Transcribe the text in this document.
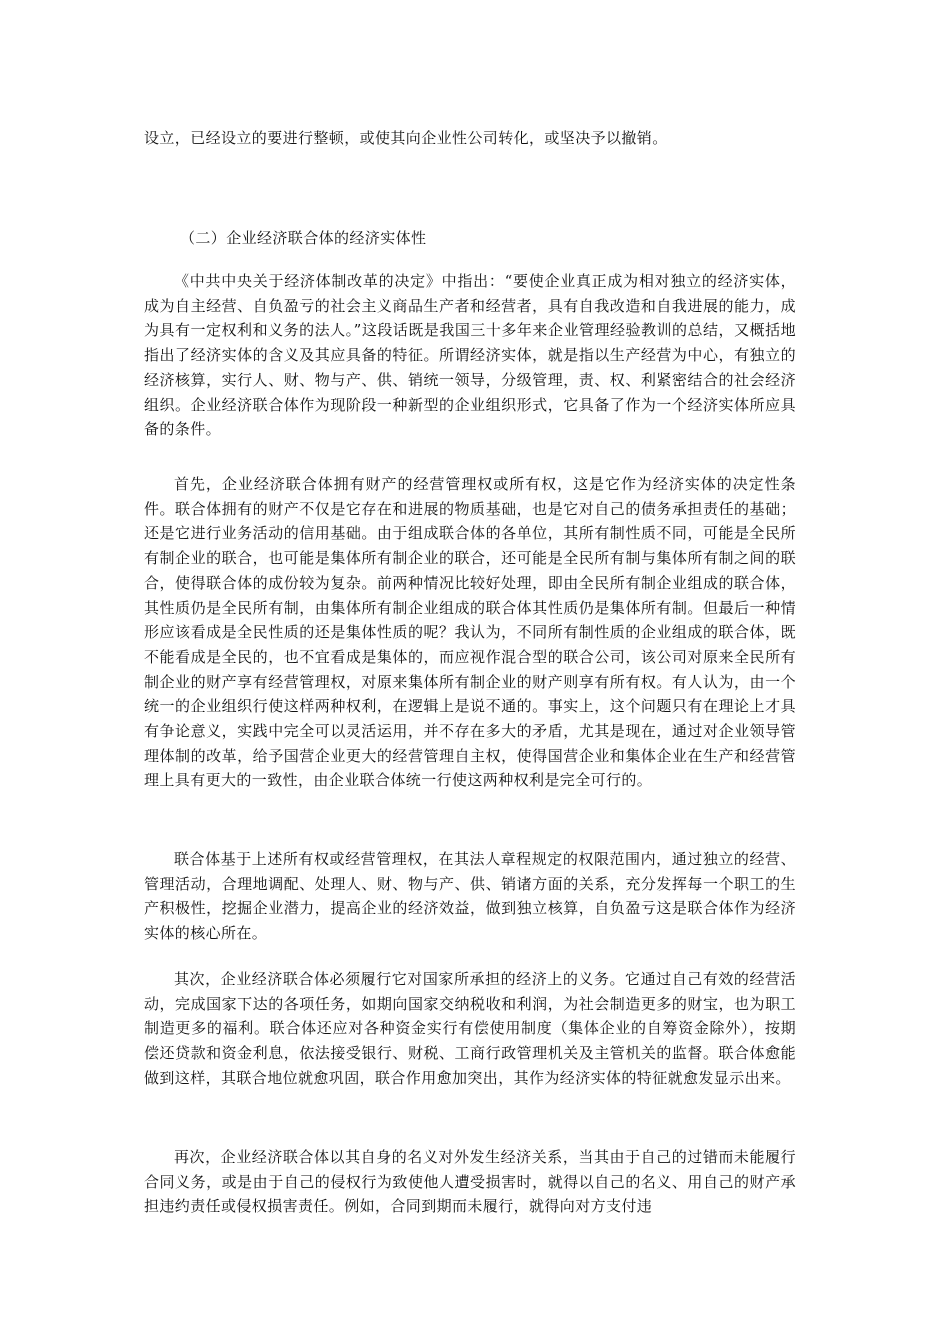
设立，已经设立的要进行整顿，或使其向企业性公司转化，或坚决予以撤销。
（二）企业经济联合体的经济实体性

《中共中央关于经济体制改革的决定》中指出：“要使企业真正成为相对独立的经济实体，成为自主经营、自负盈亏的社会主义商品生产者和经营者，具有自我改造和自我进展的能力，成为具有一定权利和义务的法人。”这段话既是我国三十多年来企业管理经验教训的总结，又概括地指出了经济实体的含义及其应具备的特征。所谓经济实体，就是指以生产经营为中心，有独立的经济核算，实行人、财、物与产、供、销统一领导，分级管理，责、权、利紧密结合的社会经济组织。企业经济联合体作为现阶段一种新型的企业组织形式，它具备了作为一个经济实体所应具备的条件。

首先，企业经济联合体拥有财产的经营管理权或所有权，这是它作为经济实体的决定性条件。联合体拥有的财产不仅是它存在和进展的物质基础，也是它对自己的债务承担责任的基础；还是它进行业务活动的信用基础。由于组成联合体的各单位，其所有制性质不同，可能是全民所有制企业的联合，也可能是集体所有制企业的联合，还可能是全民所有制与集体所有制之间的联合，使得联合体的成份较为复杂。前两种情况比较好处理，即由全民所有制企业组成的联合体，其性质仍是全民所有制，由集体所有制企业组成的联合体其性质仍是集体所有制。但最后一种情形应该看成是全民性质的还是集体性质的呢？我认为，不同所有制性质的企业组成的联合体，既不能看成是全民的，也不宜看成是集体的，而应视作混合型的联合公司，该公司对原来全民所有制企业的财产享有经营管理权，对原来集体所有制企业的财产则享有所有权。有人认为，由一个统一的企业组织行使这样两种权利，在逻辑上是说不通的。事实上，这个问题只有在理论上才具有争论意义，实践中完全可以灵活运用，并不存在多大的矛盾，尤其是现在，通过对企业领导管理体制的改革，给予国营企业更大的经营管理自主权，使得国营企业和集体企业在生产和经营管理上具有更大的一致性，由企业联合体统一行使这两种权利是完全可行的。

联合体基于上述所有权或经营管理权，在其法人章程规定的权限范围内，通过独立的经营、管理活动，合理地调配、处理人、财、物与产、供、销诸方面的关系，充分发挥每一个职工的生产积极性，挖掘企业潜力，提高企业的经济效益，做到独立核算，自负盈亏这是联合体作为经济实体的核心所在。

其次，企业经济联合体必须履行它对国家所承担的经济上的义务。它通过自己有效的经营活动，完成国家下达的各项任务，如期向国家交纳税收和利润，为社会制造更多的财宝，也为职工制造更多的福利。联合体还应对各种资金实行有偿使用制度（集体企业的自筹资金除外），按期偿还贷款和资金利息，依法接受银行、财税、工商行政管理机关及主管机关的监督。联合体愈能做到这样，其联合地位就愈巩固，联合作用愈加突出，其作为经济实体的特征就愈发显示出来。

再次，企业经济联合体以其自身的名义对外发生经济关系，当其由于自己的过错而未能履行合同义务，或是由于自己的侵权行为致使他人遭受损害时，就得以自己的名义、用自己的财产承担违约责任或侵权损害责任。例如，合同到期而未履行，就得向对方支付违
